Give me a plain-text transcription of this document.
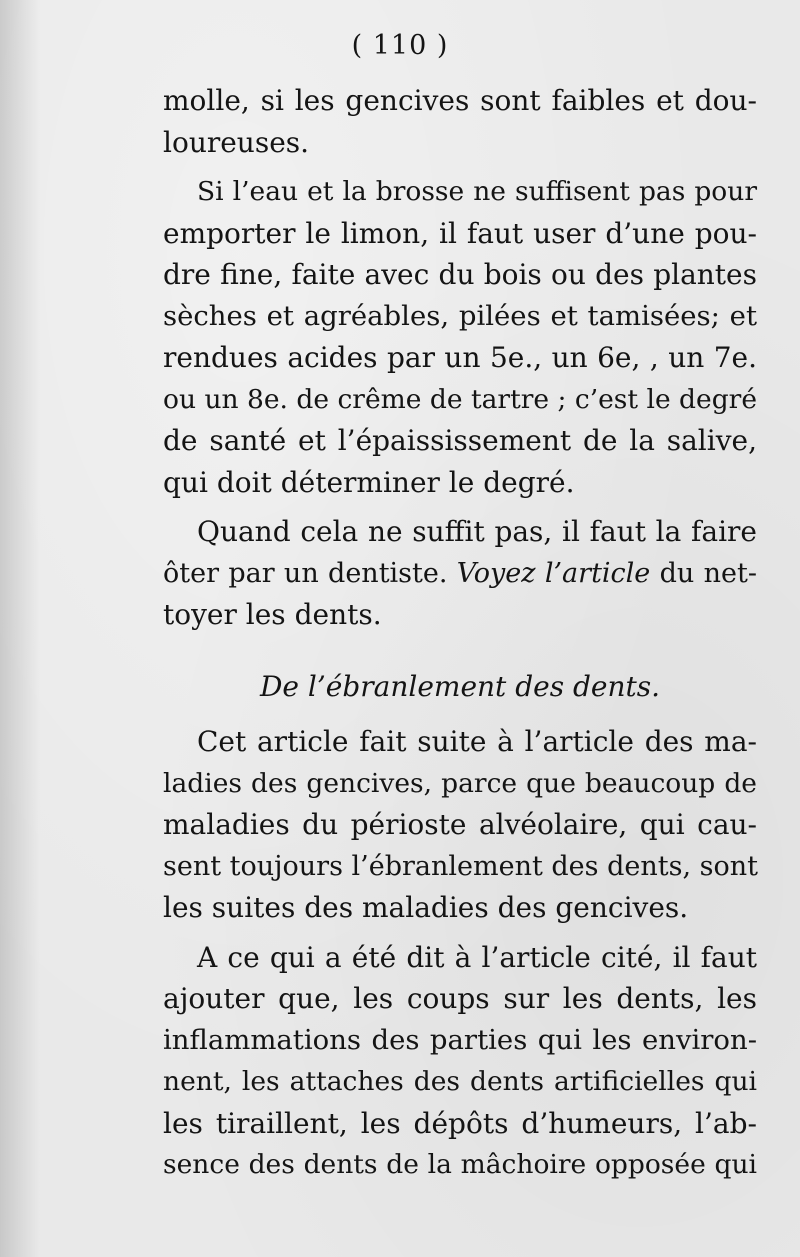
( 110 )
molle, si les gencives sont faibles et dou-
loureuses.
Si l’eau et la brosse ne suffisent pas pour
emporter le limon, il faut user d’une pou-
dre fine, faite avec du bois ou des plantes
sèches et agréables, pilées et tamisées; et
rendues acides par un 5e., un 6e, , un 7e.
ou un 8e. de crême de tartre ; c’est le degré
de santé et l’épaississement de la salive,
qui doit déterminer le degré.
Quand cela ne suffit pas, il faut la faire
ôter par un dentiste. Voyez l’article du net-
toyer les dents.
De l’ébranlement des dents.
Cet article fait suite à l’article des ma-
ladies des gencives, parce que beaucoup de
maladies du périoste alvéolaire, qui cau-
sent toujours l’ébranlement des dents, sont
les suites des maladies des gencives.
A ce qui a été dit à l’article cité, il faut
ajouter que, les coups sur les dents, les
inflammations des parties qui les environ-
nent, les attaches des dents artificielles qui
les tiraillent, les dépôts d’humeurs, l’ab-
sence des dents de la mâchoire opposée qui
